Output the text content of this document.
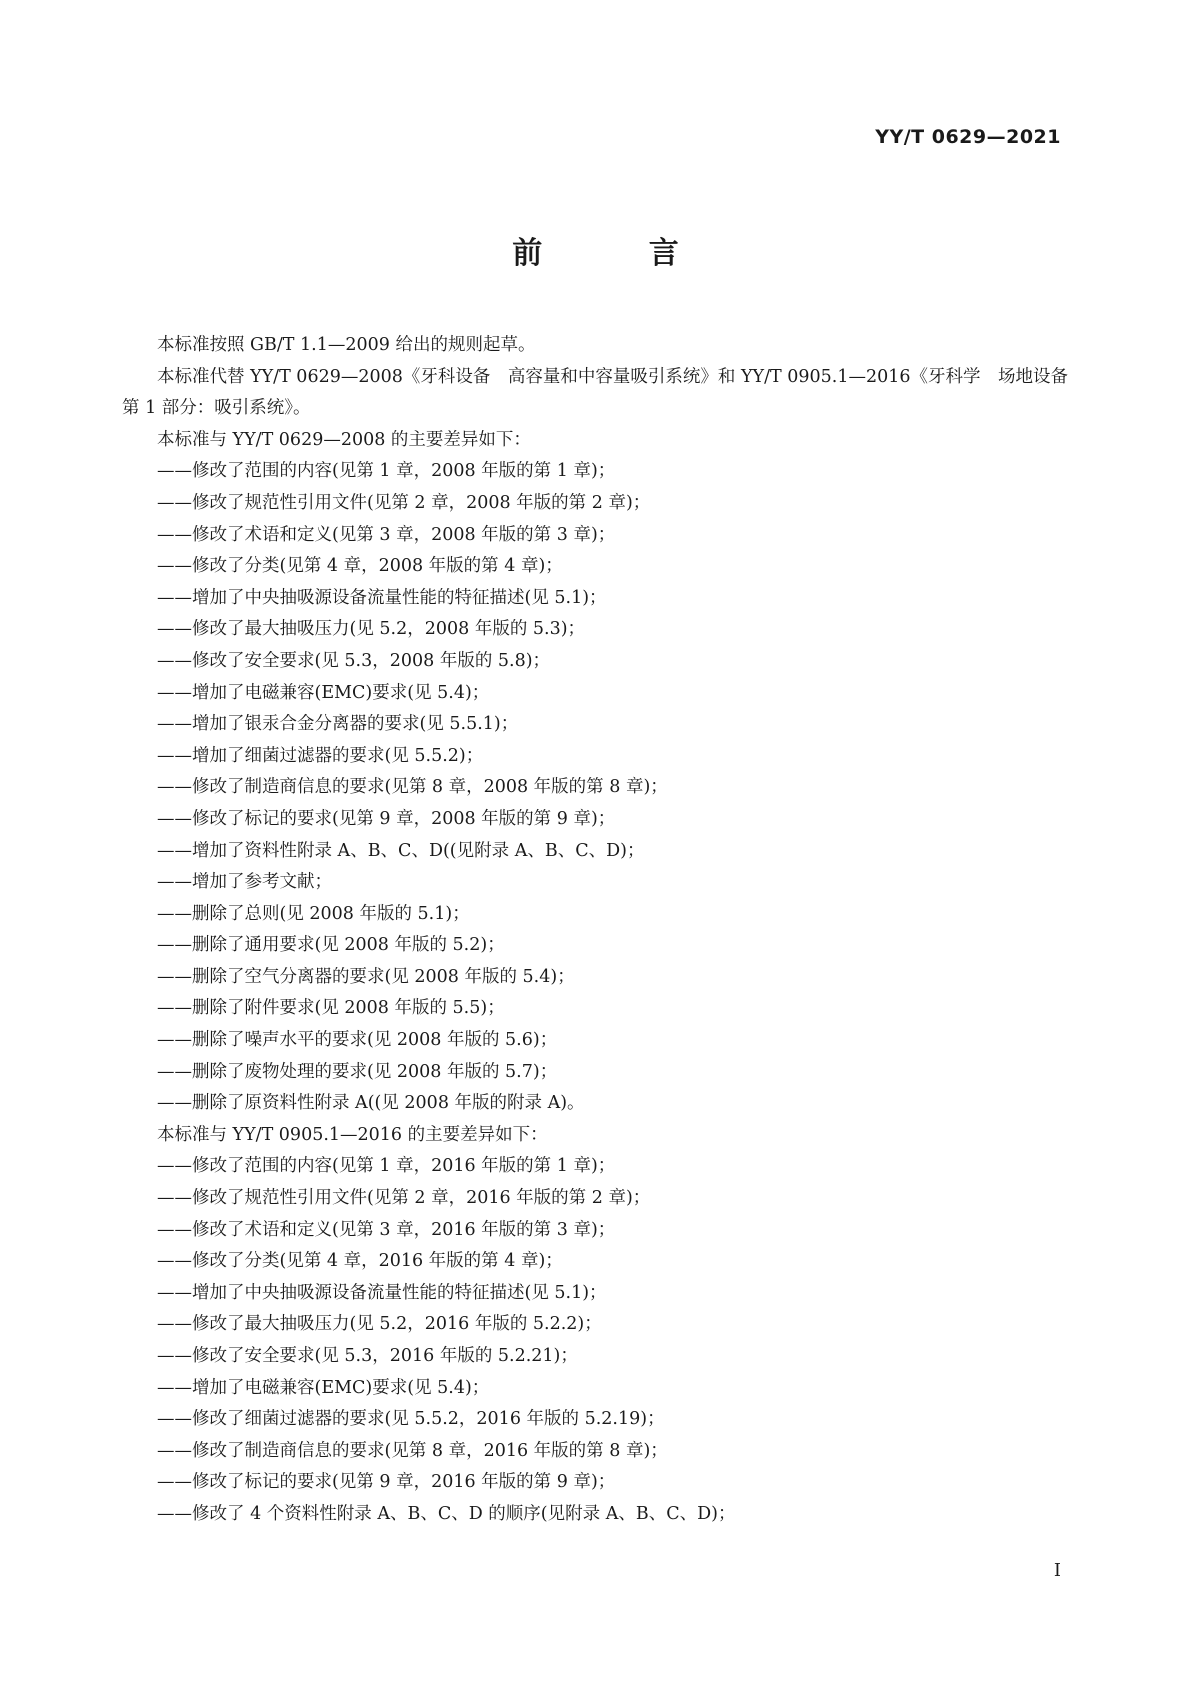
YY/T 0629—2021
前 言

本标准按照 GB/T 1.1—2009 给出的规则起草。

本标准代替 YY/T 0629—2008《牙科设备　高容量和中容量吸引系统》和 YY/T 0905.1—2016《牙科学　场地设备　第 1 部分：吸引系统》。

本标准与 YY/T 0629—2008 的主要差异如下：

——修改了范围的内容(见第 1 章，2008 年版的第 1 章)；

——修改了规范性引用文件(见第 2 章，2008 年版的第 2 章)；

——修改了术语和定义(见第 3 章，2008 年版的第 3 章)；

——修改了分类(见第 4 章，2008 年版的第 4 章)；

——增加了中央抽吸源设备流量性能的特征描述(见 5.1)；

——修改了最大抽吸压力(见 5.2，2008 年版的 5.3)；

——修改了安全要求(见 5.3，2008 年版的 5.8)；

——增加了电磁兼容(EMC)要求(见 5.4)；

——增加了银汞合金分离器的要求(见 5.5.1)；

——增加了细菌过滤器的要求(见 5.5.2)；

——修改了制造商信息的要求(见第 8 章，2008 年版的第 8 章)；

——修改了标记的要求(见第 9 章，2008 年版的第 9 章)；

——增加了资料性附录 A、B、C、D((见附录 A、B、C、D)；

——增加了参考文献；

——删除了总则(见 2008 年版的 5.1)；

——删除了通用要求(见 2008 年版的 5.2)；

——删除了空气分离器的要求(见 2008 年版的 5.4)；

——删除了附件要求(见 2008 年版的 5.5)；

——删除了噪声水平的要求(见 2008 年版的 5.6)；

——删除了废物处理的要求(见 2008 年版的 5.7)；

——删除了原资料性附录 A((见 2008 年版的附录 A)。

本标准与 YY/T 0905.1—2016 的主要差异如下：

——修改了范围的内容(见第 1 章，2016 年版的第 1 章)；

——修改了规范性引用文件(见第 2 章，2016 年版的第 2 章)；

——修改了术语和定义(见第 3 章，2016 年版的第 3 章)；

——修改了分类(见第 4 章，2016 年版的第 4 章)；

——增加了中央抽吸源设备流量性能的特征描述(见 5.1)；

——修改了最大抽吸压力(见 5.2，2016 年版的 5.2.2)；

——修改了安全要求(见 5.3，2016 年版的 5.2.21)；

——增加了电磁兼容(EMC)要求(见 5.4)；

——修改了细菌过滤器的要求(见 5.5.2，2016 年版的 5.2.19)；

——修改了制造商信息的要求(见第 8 章，2016 年版的第 8 章)；

——修改了标记的要求(见第 9 章，2016 年版的第 9 章)；

——修改了 4 个资料性附录 A、B、C、D 的顺序(见附录 A、B、C、D)；

I
